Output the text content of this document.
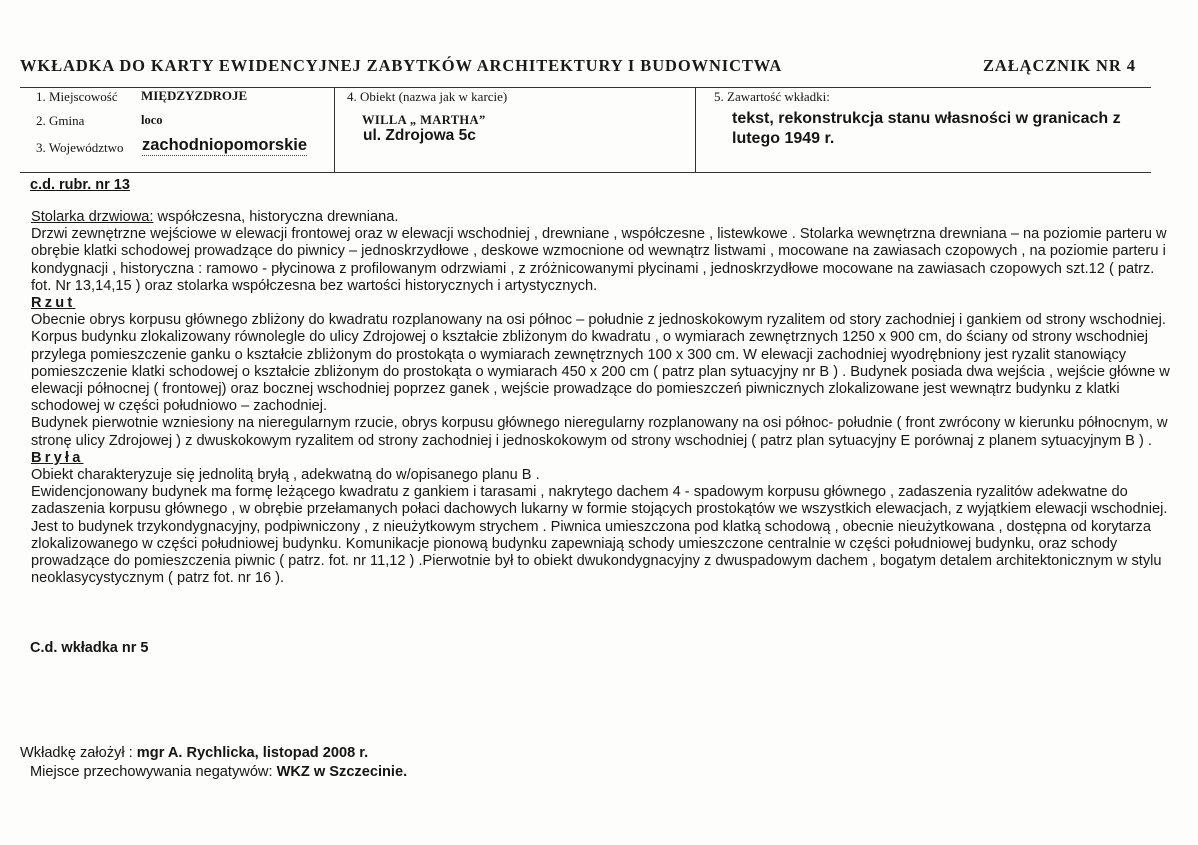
WKŁADKA DO KARTY EWIDENCYJNEJ ZABYTKÓW ARCHITEKTURY I BUDOWNICTWA	ZAŁĄCZNIK NR 4
1. Miejscowość MIĘDZYZDROJE
2. Gmina	loco
3. Województwo zachodniopomorskie
4. Obiekt (nazwa jak w karcie)
WILLA „ MARTHA”
ul. Zdrojowa 5c
5. Zawartość wkładki:
tekst, rekonstrukcja stanu własności w granicach z lutego 1949 r.
c.d. rubr. nr 13

Stolarka drzwiowa: współczesna, historyczna drewniana.

Drzwi zewnętrzne wejściowe w elewacji frontowej oraz w elewacji wschodniej , drewniane , współczesne , listewkowe . Stolarka wewnętrzna drewniana – na poziomie parteru w obrębie klatki schodowej prowadzące do piwnicy – jednoskrzydłowe , deskowe wzmocnione od wewnątrz listwami , mocowane na zawiasach czopowych , na poziomie parteru i kondygnacji , historyczna : ramowo - płycinowa z profilowanym odrzwiami , z zróżnicowanymi płycinami , jednoskrzydłowe mocowane na zawiasach czopowych szt.12 ( patrz. fot. Nr 13,14,15 ) oraz stolarka współczesna bez wartości historycznych i artystycznych.

Rzut

Obecnie obrys korpusu głównego zbliżony do kwadratu rozplanowany na osi północ – południe z jednoskokowym ryzalitem od story zachodniej i gankiem od strony wschodniej. Korpus budynku zlokalizowany równolegle do ulicy Zdrojowej o kształcie zbliżonym do kwadratu , o wymiarach zewnętrznych 1250 x 900 cm, do ściany od strony wschodniej przylega pomieszczenie ganku o kształcie zbliżonym do prostokąta o wymiarach zewnętrznych 100 x 300 cm. W elewacji zachodniej wyodrębniony jest ryzalit stanowiący pomieszczenie klatki schodowej o kształcie zbliżonym do prostokąta o wymiarach 450 x 200 cm ( patrz plan sytuacyjny nr B ) . Budynek posiada dwa wejścia , wejście główne w elewacji północnej ( frontowej) oraz bocznej wschodniej poprzez ganek , wejście prowadzące do pomieszczeń piwnicznych zlokalizowane jest wewnątrz budynku z klatki schodowej w części południowo – zachodniej.

Budynek pierwotnie wzniesiony na nieregularnym rzucie, obrys korpusu głównego nieregularny rozplanowany na osi północ- południe ( front zwrócony w kierunku północnym, w stronę ulicy Zdrojowej ) z dwuskokowym ryzalitem od strony zachodniej i jednoskokowym od strony wschodniej ( patrz plan sytuacyjny E porównaj z planem sytuacyjnym B ) .

Bryła

Obiekt charakteryzuje się jednolitą bryłą , adekwatną do w/opisanego planu B .

Ewidencjonowany budynek ma formę leżącego kwadratu z gankiem i tarasami , nakrytego dachem 4 - spadowym korpusu głównego , zadaszenia ryzalitów adekwatne do zadaszenia korpusu głównego , w obrębie przełamanych połaci dachowych lukarny w formie stojących prostokątów we wszystkich elewacjach, z wyjątkiem elewacji wschodniej. Jest to budynek trzykondygnacyjny, podpiwniczony , z nieużytkowym strychem . Piwnica umieszczona pod klatką schodową , obecnie nieużytkowana , dostępna od korytarza zlokalizowanego w części południowej budynku. Komunikacje pionową budynku zapewniają schody umieszczone centralnie w części południowej budynku, oraz schody prowadzące do pomieszczenia piwnic ( patrz. fot. nr 11,12 ) .Pierwotnie był to obiekt dwukondygnacyjny z dwuspadowym dachem , bogatym detalem architektonicznym w stylu neoklasycystycznym ( patrz fot. nr 16 ).

C.d. wkładka nr 5
Wkładkę założył : mgr A. Rychlicka, listopad 2008 r.
Miejsce przechowywania negatywów: WKZ w Szczecinie.
